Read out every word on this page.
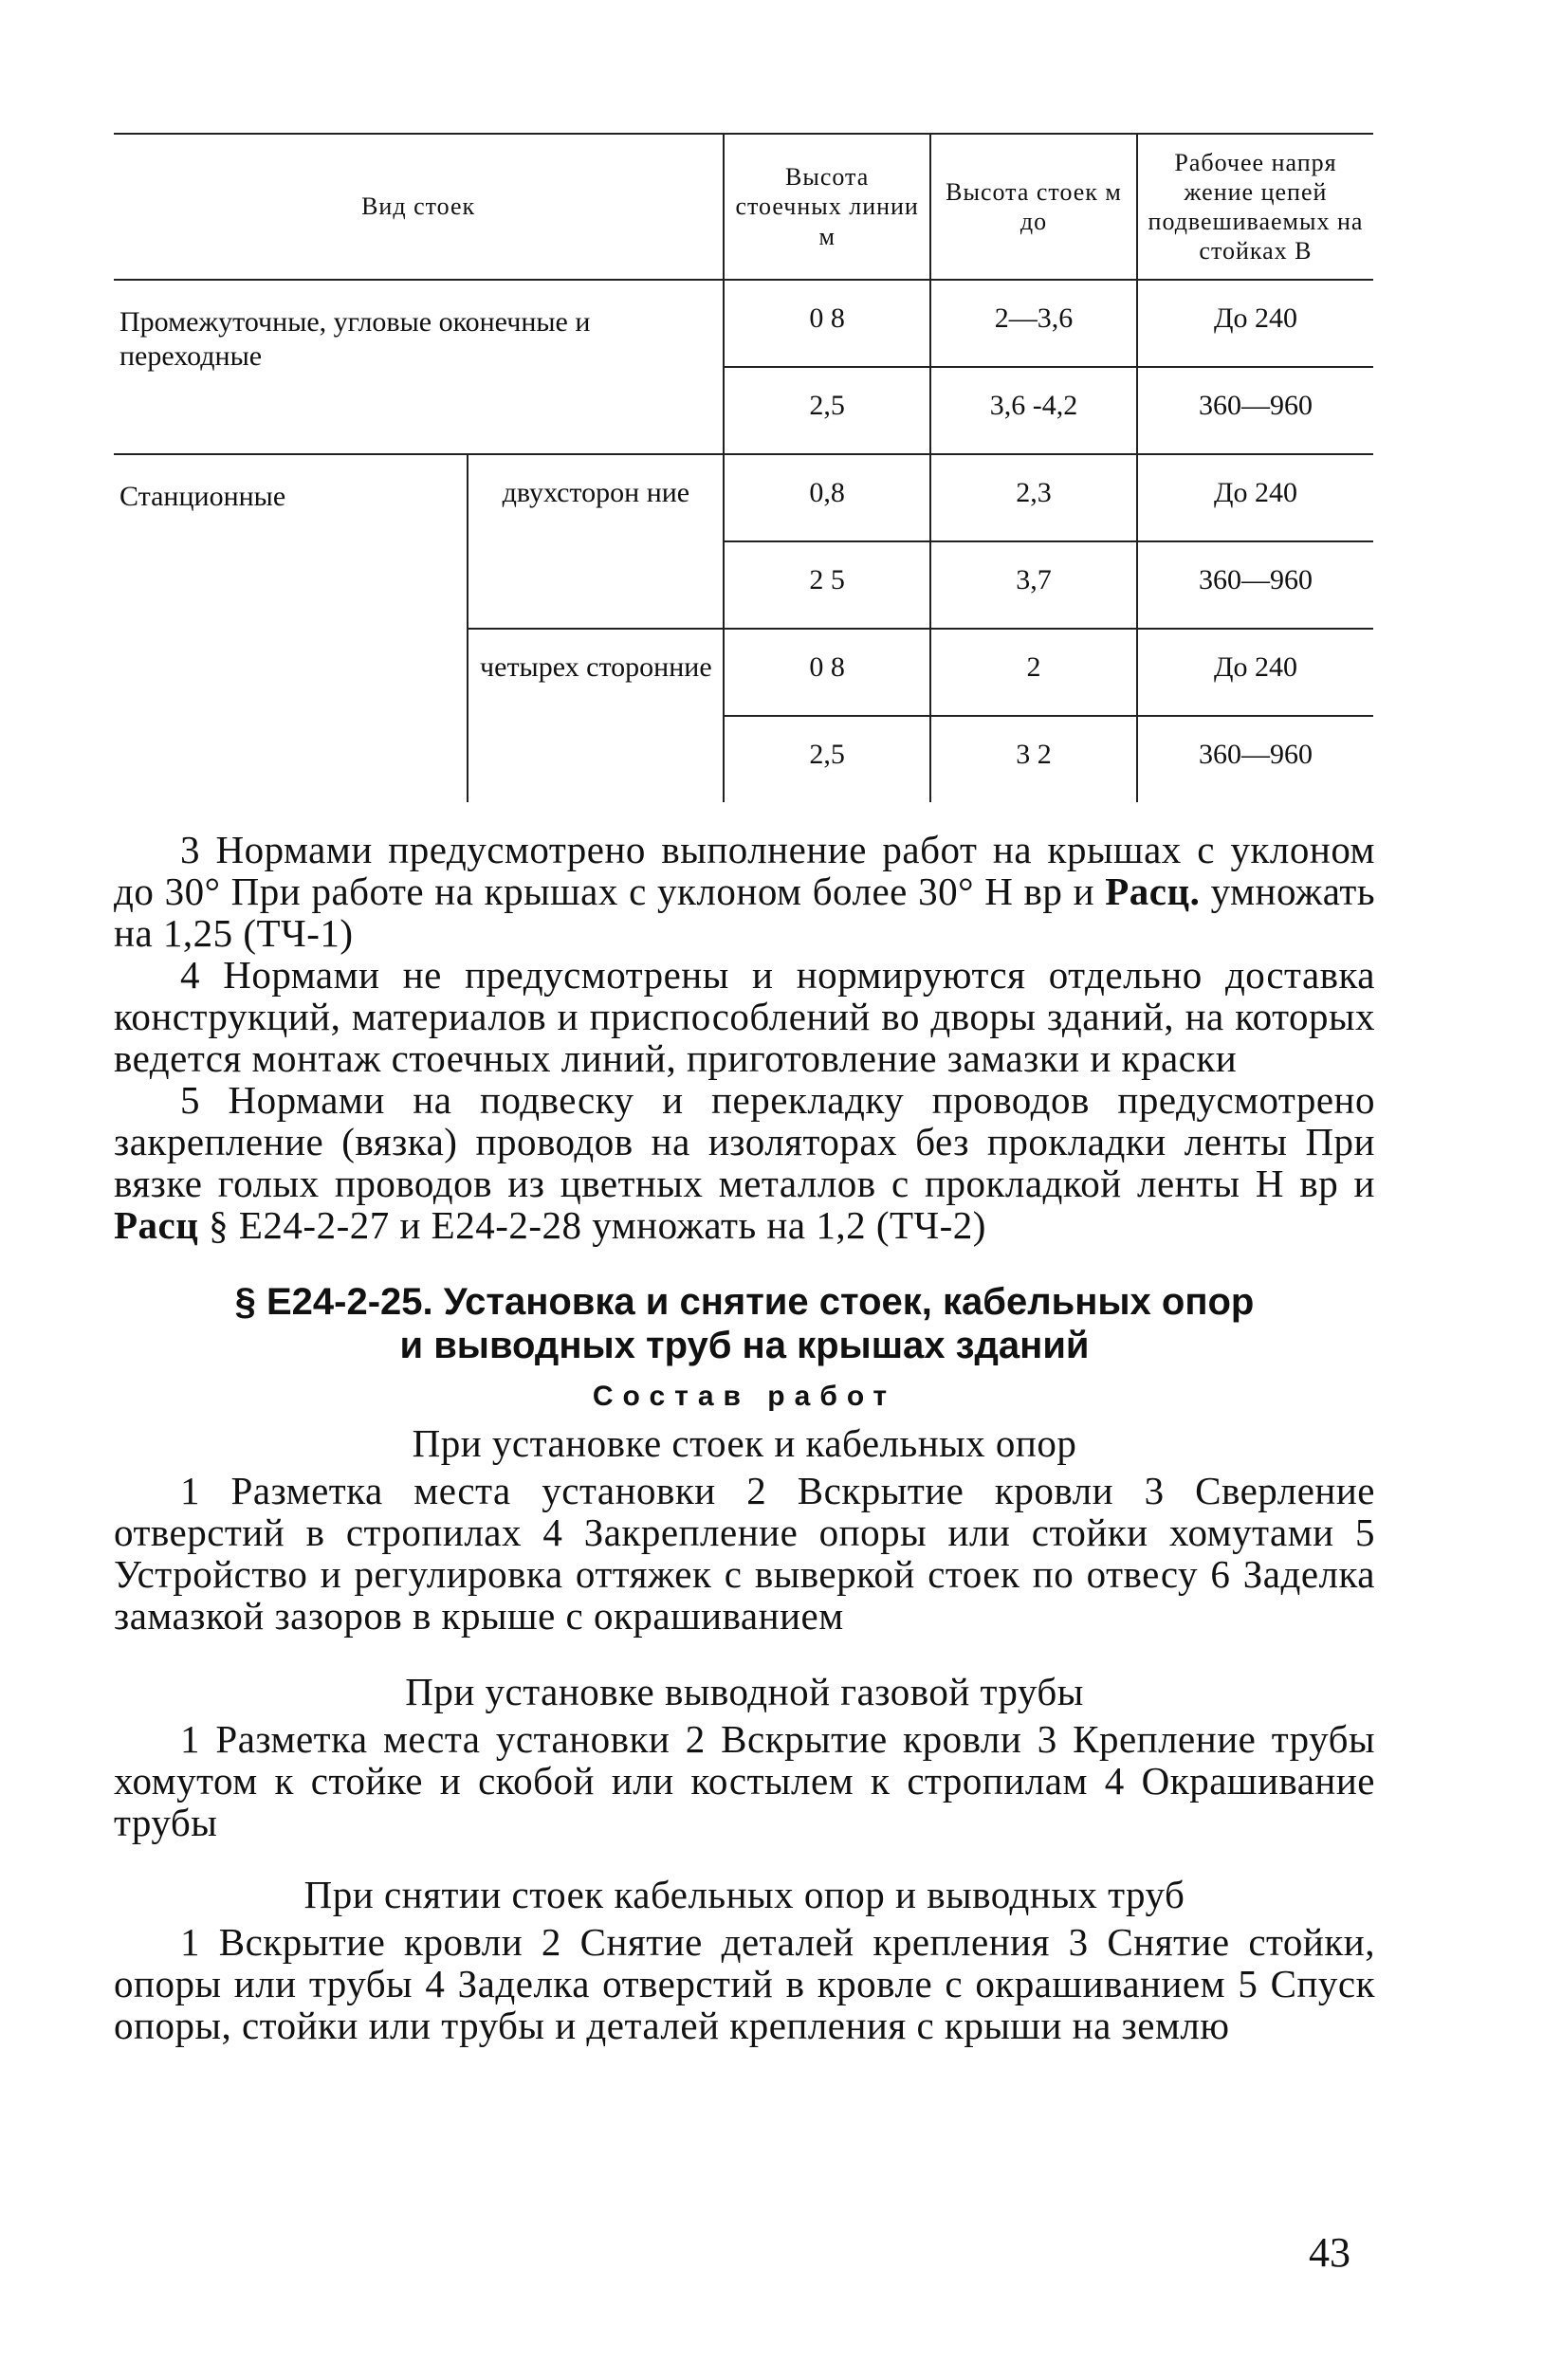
Вид стоек		Высота стоечных линии м	Высота стоек м до	Рабочее напря жение цепей подвешиваемых на стойках В
Промежуточные, угловые оконечные и переходные		0 8	2—3,6	До 240
		2,5	3,6 -4,2	360—960
Станционные	двухсторон ние	0,8	2,3	До 240
		2 5	3,7	360—960
	четырех сторонние	0 8	2	До 240
		2,5	3 2	360—960

3 Нормами предусмотрено выполнение работ на крышах с уклоном до 30° При работе на крышах с уклоном более 30° Н вр и Расц. умножать на 1,25 (ТЧ-1)

4 Нормами не предусмотрены и нормируются отдельно доставка конструкций, материалов и приспособлений во дворы зданий, на которых ведется монтаж стоечных линий, приготовление замазки и краски

5 Нормами на подвеску и перекладку проводов предусмотрено закрепление (вязка) проводов на изоляторах без прокладки ленты При вязке голых проводов из цветных металлов с прокладкой ленты Н вр и Расц § Е24-2-27 и Е24-2-28 умножать на 1,2 (ТЧ-2)

§ Е24-2-25. Установка и снятие стоек, кабельных опор
и выводных труб на крышах зданий
Состав работ
При установке стоек и кабельных опор

1 Разметка места установки 2 Вскрытие кровли 3 Сверление отверстий в стропилах 4 Закрепление опоры или стойки хомутами 5 Устройство и регулировка оттяжек с выверкой стоек по отвесу 6 Заделка замазкой зазоров в крыше с окрашиванием

При установке выводной газовой трубы

1 Разметка места установки 2 Вскрытие кровли 3 Крепление трубы хомутом к стойке и скобой или костылем к стропилам 4 Окрашивание трубы

При снятии стоек кабельных опор и выводных труб

1 Вскрытие кровли 2 Снятие деталей крепления 3 Снятие стойки, опоры или трубы 4 Заделка отверстий в кровле с окрашиванием 5 Спуск опоры, стойки или трубы и деталей крепления с крыши на землю

43
